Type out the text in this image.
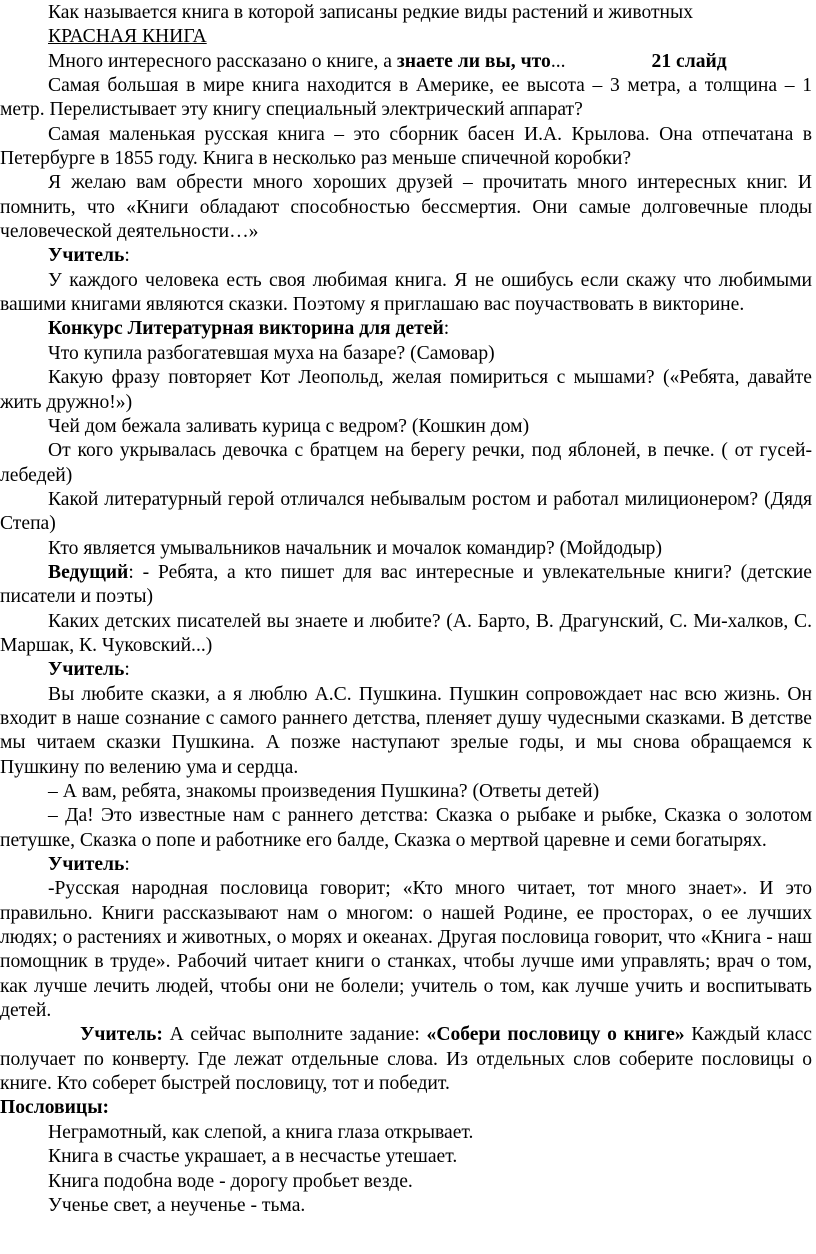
Как называется книга в которой записаны редкие виды растений и животных

КРАСНАЯ КНИГА

Много интересного рассказано о книге, а знаете ли вы, что...	21 слайд

Самая большая в мире книга находится в Америке, ее высота – 3 метра, а толщина – 1 метр. Перелистывает эту книгу специальный электрический аппарат?

Самая маленькая русская книга – это сборник басен И.А. Крылова. Она отпечатана в Петербурге в 1855 году. Книга в несколько раз меньше спичечной коробки?

Я желаю вам обрести много хороших друзей – прочитать много интересных книг. И помнить, что «Книги обладают способностью бессмертия. Они самые долговечные плоды человеческой деятельности…»

Учитель:

У каждого человека есть своя любимая книга. Я не ошибусь если скажу что любимыми вашими книгами являются сказки. Поэтому я приглашаю вас поучаствовать в викторине.

Конкурс Литературная викторина для детей:

Что купила разбогатевшая муха на базаре? (Самовар)

Какую фразу повторяет Кот Леопольд, желая помириться с мышами? («Ребята, давайте жить дружно!»)

Чей дом бежала заливать курица с ведром? (Кошкин дом)

От кого укрывалась девочка с братцем на берегу речки, под яблоней, в печке. ( от гусей-лебедей)

Какой литературный герой отличался небывалым ростом и работал милиционером? (Дядя Степа)

Кто является умывальников начальник и мочалок командир? (Мойдодыр)

Ведущий: - Ребята, а кто пишет для вас интересные и увлекательные книги? (детские писатели и поэты)

Каких детских писателей вы знаете и любите? (А. Барто, В. Драгунский, С. Ми-халков, С. Маршак, К. Чуковский...)

Учитель:

Вы любите сказки, а я люблю А.С. Пушкина. Пушкин сопровождает нас всю жизнь. Он входит в наше сознание с самого раннего детства, пленяет душу чудесными сказками. В детстве мы читаем сказки Пушкина. А позже наступают зрелые годы, и мы снова обращаемся к Пушкину по велению ума и сердца.

– А вам, ребята, знакомы произведения Пушкина? (Ответы детей)

– Да! Это известные нам с раннего детства: Сказка о рыбаке и рыбке, Сказка о золотом петушке, Сказка о попе и работнике его балде, Сказка о мертвой царевне и семи богатырях.

Учитель:

-Русская народная пословица говорит; «Кто много читает, тот много знает». И это правильно. Книги рассказывают нам о многом: о нашей Родине, ее просторах, о ее лучших людях; о растениях и животных, о морях и океанах. Другая пословица говорит, что «Книга - наш помощник в труде». Рабочий читает книги о станках, чтобы лучше ими управлять; врач о том, как лучше лечить людей, чтобы они не болели; учитель о том, как лучше учить и воспитывать детей.

Учитель: А сейчас выполните задание: «Собери пословицу о книге» Каждый класс получает по конверту. Где лежат отдельные слова. Из отдельных слов соберите пословицы о книге. Кто соберет быстрей пословицу, тот и победит.

Пословицы:

Неграмотный, как слепой, а книга глаза открывает.

Книга в счастье украшает, а в несчастье утешает.

Книга подобна воде - дорогу пробьет везде.

Ученье свет, а неученье - тьма.
